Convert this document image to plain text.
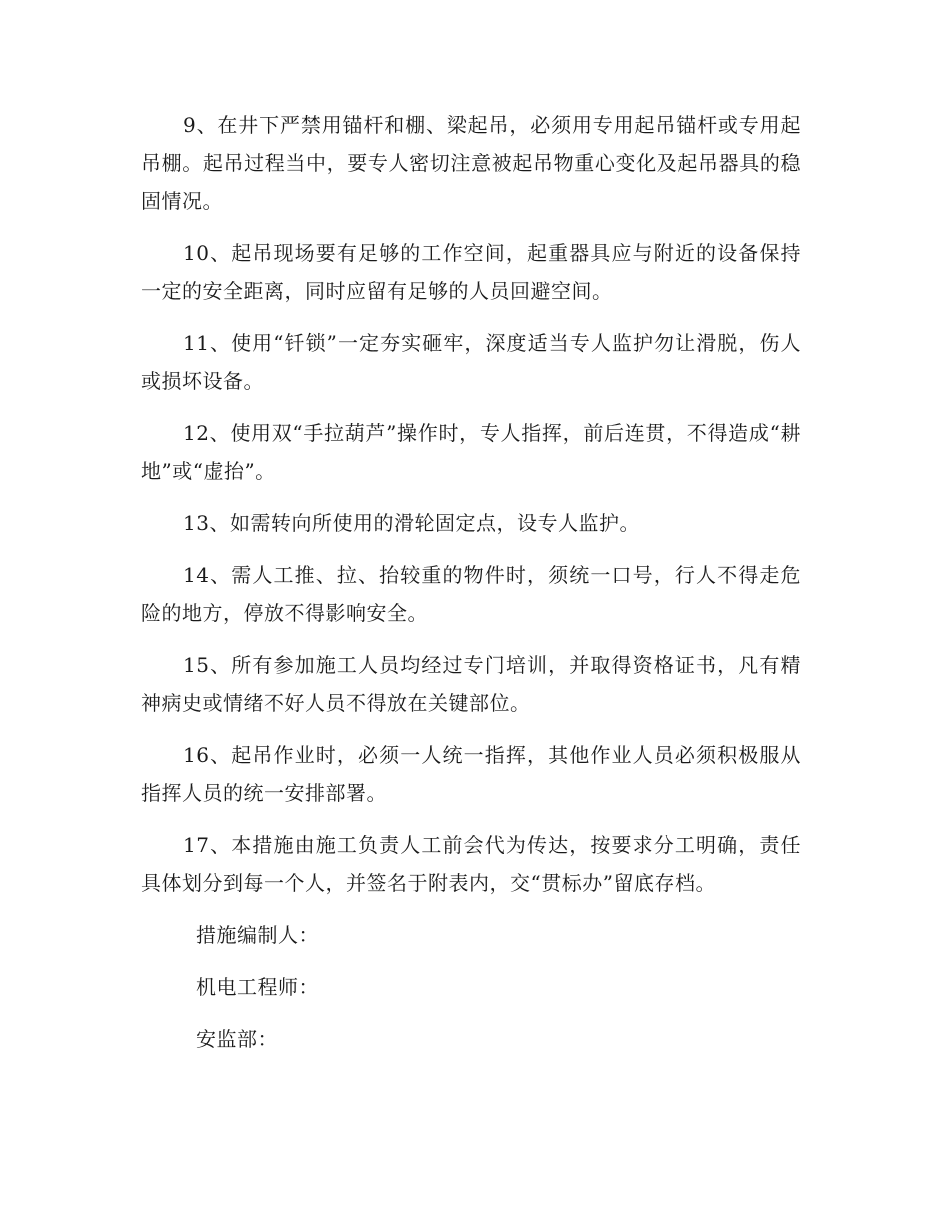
9、在井下严禁用锚杆和棚、梁起吊，必须用专用起吊锚杆或专用起吊棚。起吊过程当中，要专人密切注意被起吊物重心变化及起吊器具的稳固情况。

10、起吊现场要有足够的工作空间，起重器具应与附近的设备保持一定的安全距离，同时应留有足够的人员回避空间。

11、使用“钎锁”一定夯实砸牢，深度适当专人监护勿让滑脱，伤人或损坏设备。

12、使用双“手拉葫芦”操作时，专人指挥，前后连贯，不得造成“耕地”或“虚抬”。

13、如需转向所使用的滑轮固定点，设专人监护。

14、需人工推、拉、抬较重的物件时，须统一口号，行人不得走危险的地方，停放不得影响安全。

15、所有参加施工人员均经过专门培训，并取得资格证书，凡有精神病史或情绪不好人员不得放在关键部位。

16、起吊作业时，必须一人统一指挥，其他作业人员必须积极服从指挥人员的统一安排部署。

17、本措施由施工负责人工前会代为传达，按要求分工明确，责任具体划分到每一个人，并签名于附表内，交“贯标办”留底存档。

措施编制人：

机电工程师：

安监部：
